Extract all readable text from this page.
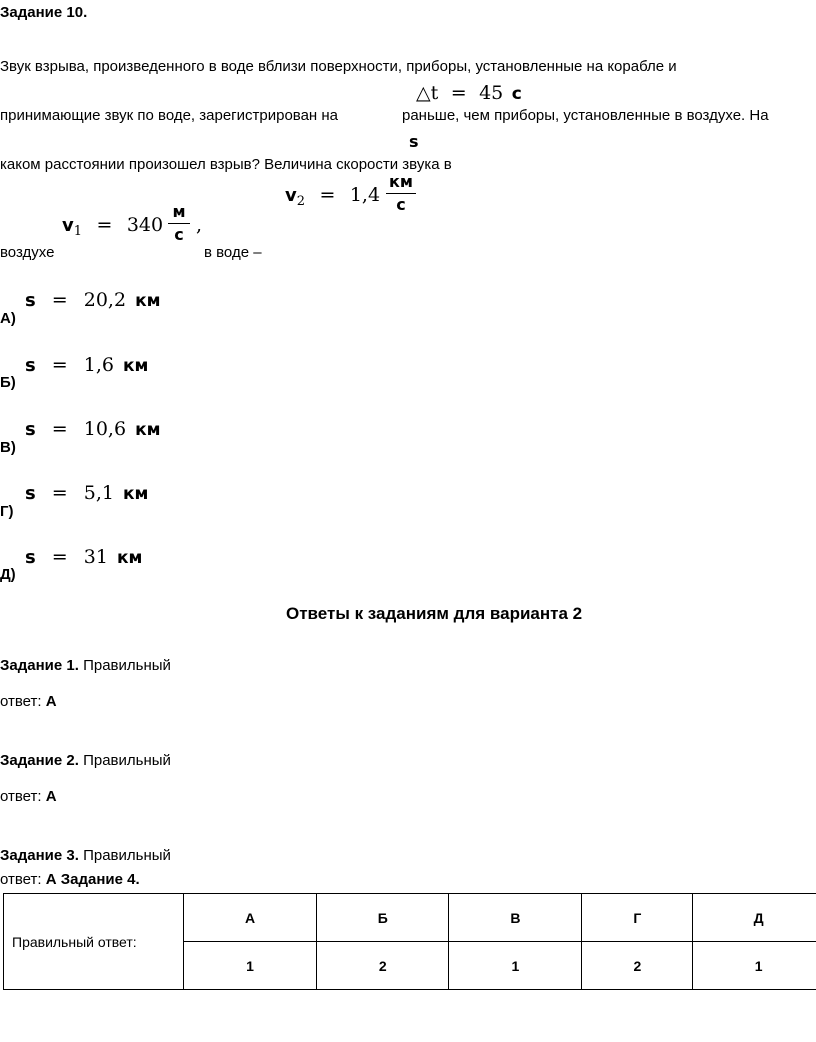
Задание 10.
Звук взрыва, произведенного в воде вблизи поверхности, приборы, установленные на корабле и
△t = 45 с
принимающие звук по воде, зарегистрирован на	раньше, чем приборы, установленные в воздухе. На
s
каком расстоянии произошел взрыв? Величина скорости звука в
$v_2 = 1,4$
км
с
$v_1 = 340$
м
с ,
воздухе	в воде –
s = 20,2 км
А)
s = 1,6 км
Б)
s = 10,6 км
В)
s = 5,1 км
Г)
s = 31 км
Д)
Ответы к заданиям для варианта 2
Задание 1. Правильный
ответ: А
Задание 2. Правильный
ответ: А
Задание 3. Правильный
ответ: А Задание 4.
Правильный ответ:	А	Б	В	Г	Д
	1	2	1	2	1
